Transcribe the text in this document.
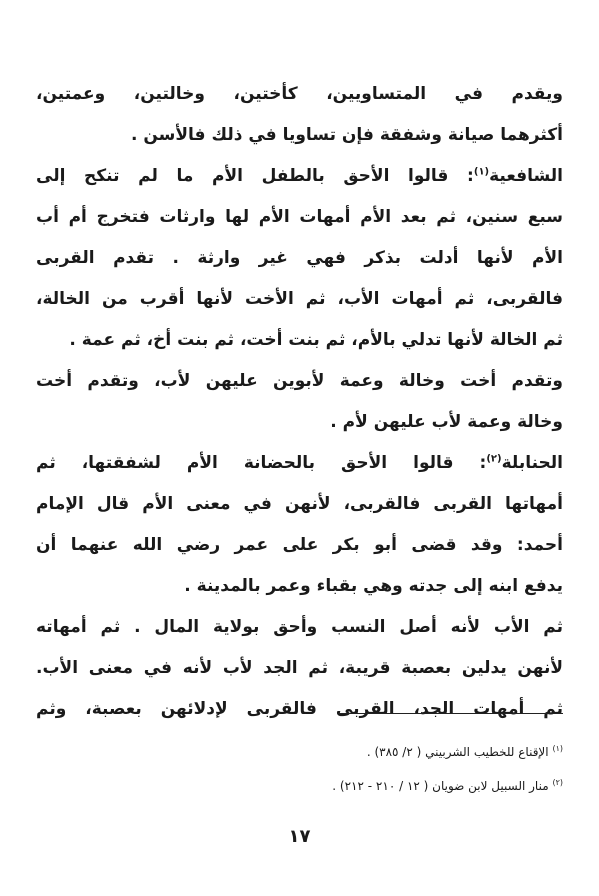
ويقدم في المتساويين، كأختين، وخالتين، وعمتين،
أكثرهما صيانة وشفقة فإن تساويا في ذلك فالأسن .
الشافعية$^{(١)}$: قالوا الأحق بالطفل الأم ما لم تنكح إلى
سبع سنين، ثم بعد الأم أمهات الأم لها وارثات فتخرج أم أب
الأم لأنها أدلت بذكر فهي غير وارثة . تقدم القربى
فالقربى، ثم أمهات الأب، ثم الأخت لأنها أقرب من الخالة،
ثم الخالة لأنها تدلي بالأم، ثم بنت أخت، ثم بنت أخ، ثم عمة .
وتقدم أخت وخالة وعمة لأبوين عليهن لأب، وتقدم أخت
وخالة وعمة لأب عليهن لأم .
الحنابلة$^{(٢)}$: قالوا الأحق بالحضانة الأم لشفقتها، ثم
أمهاتها القربى فالقربى، لأنهن في معنى الأم قال الإمام
أحمد: وقد قضى أبو بكر على عمر رضي الله عنهما أن
يدفع ابنه إلى جدته وهي بقباء وعمر بالمدينة .
ثم الأب لأنه أصل النسب وأحق بولاية المال . ثم أمهاته
لأنهن يدلين بعصبة قريبة، ثم الجد لأب لأنه في معنى الأب.
ثم أمهات الجد، القربى فالقربى لإدلائهن بعصبة، وثم
$^{(١)}$ الإقناع للخطيب الشربيني ( ٢/ ٣٨٥) .
$^{(٢)}$ منار السبيل لابن ضويان ( ١٢ / ٢١٠ - ٢١٢) .
١٧
